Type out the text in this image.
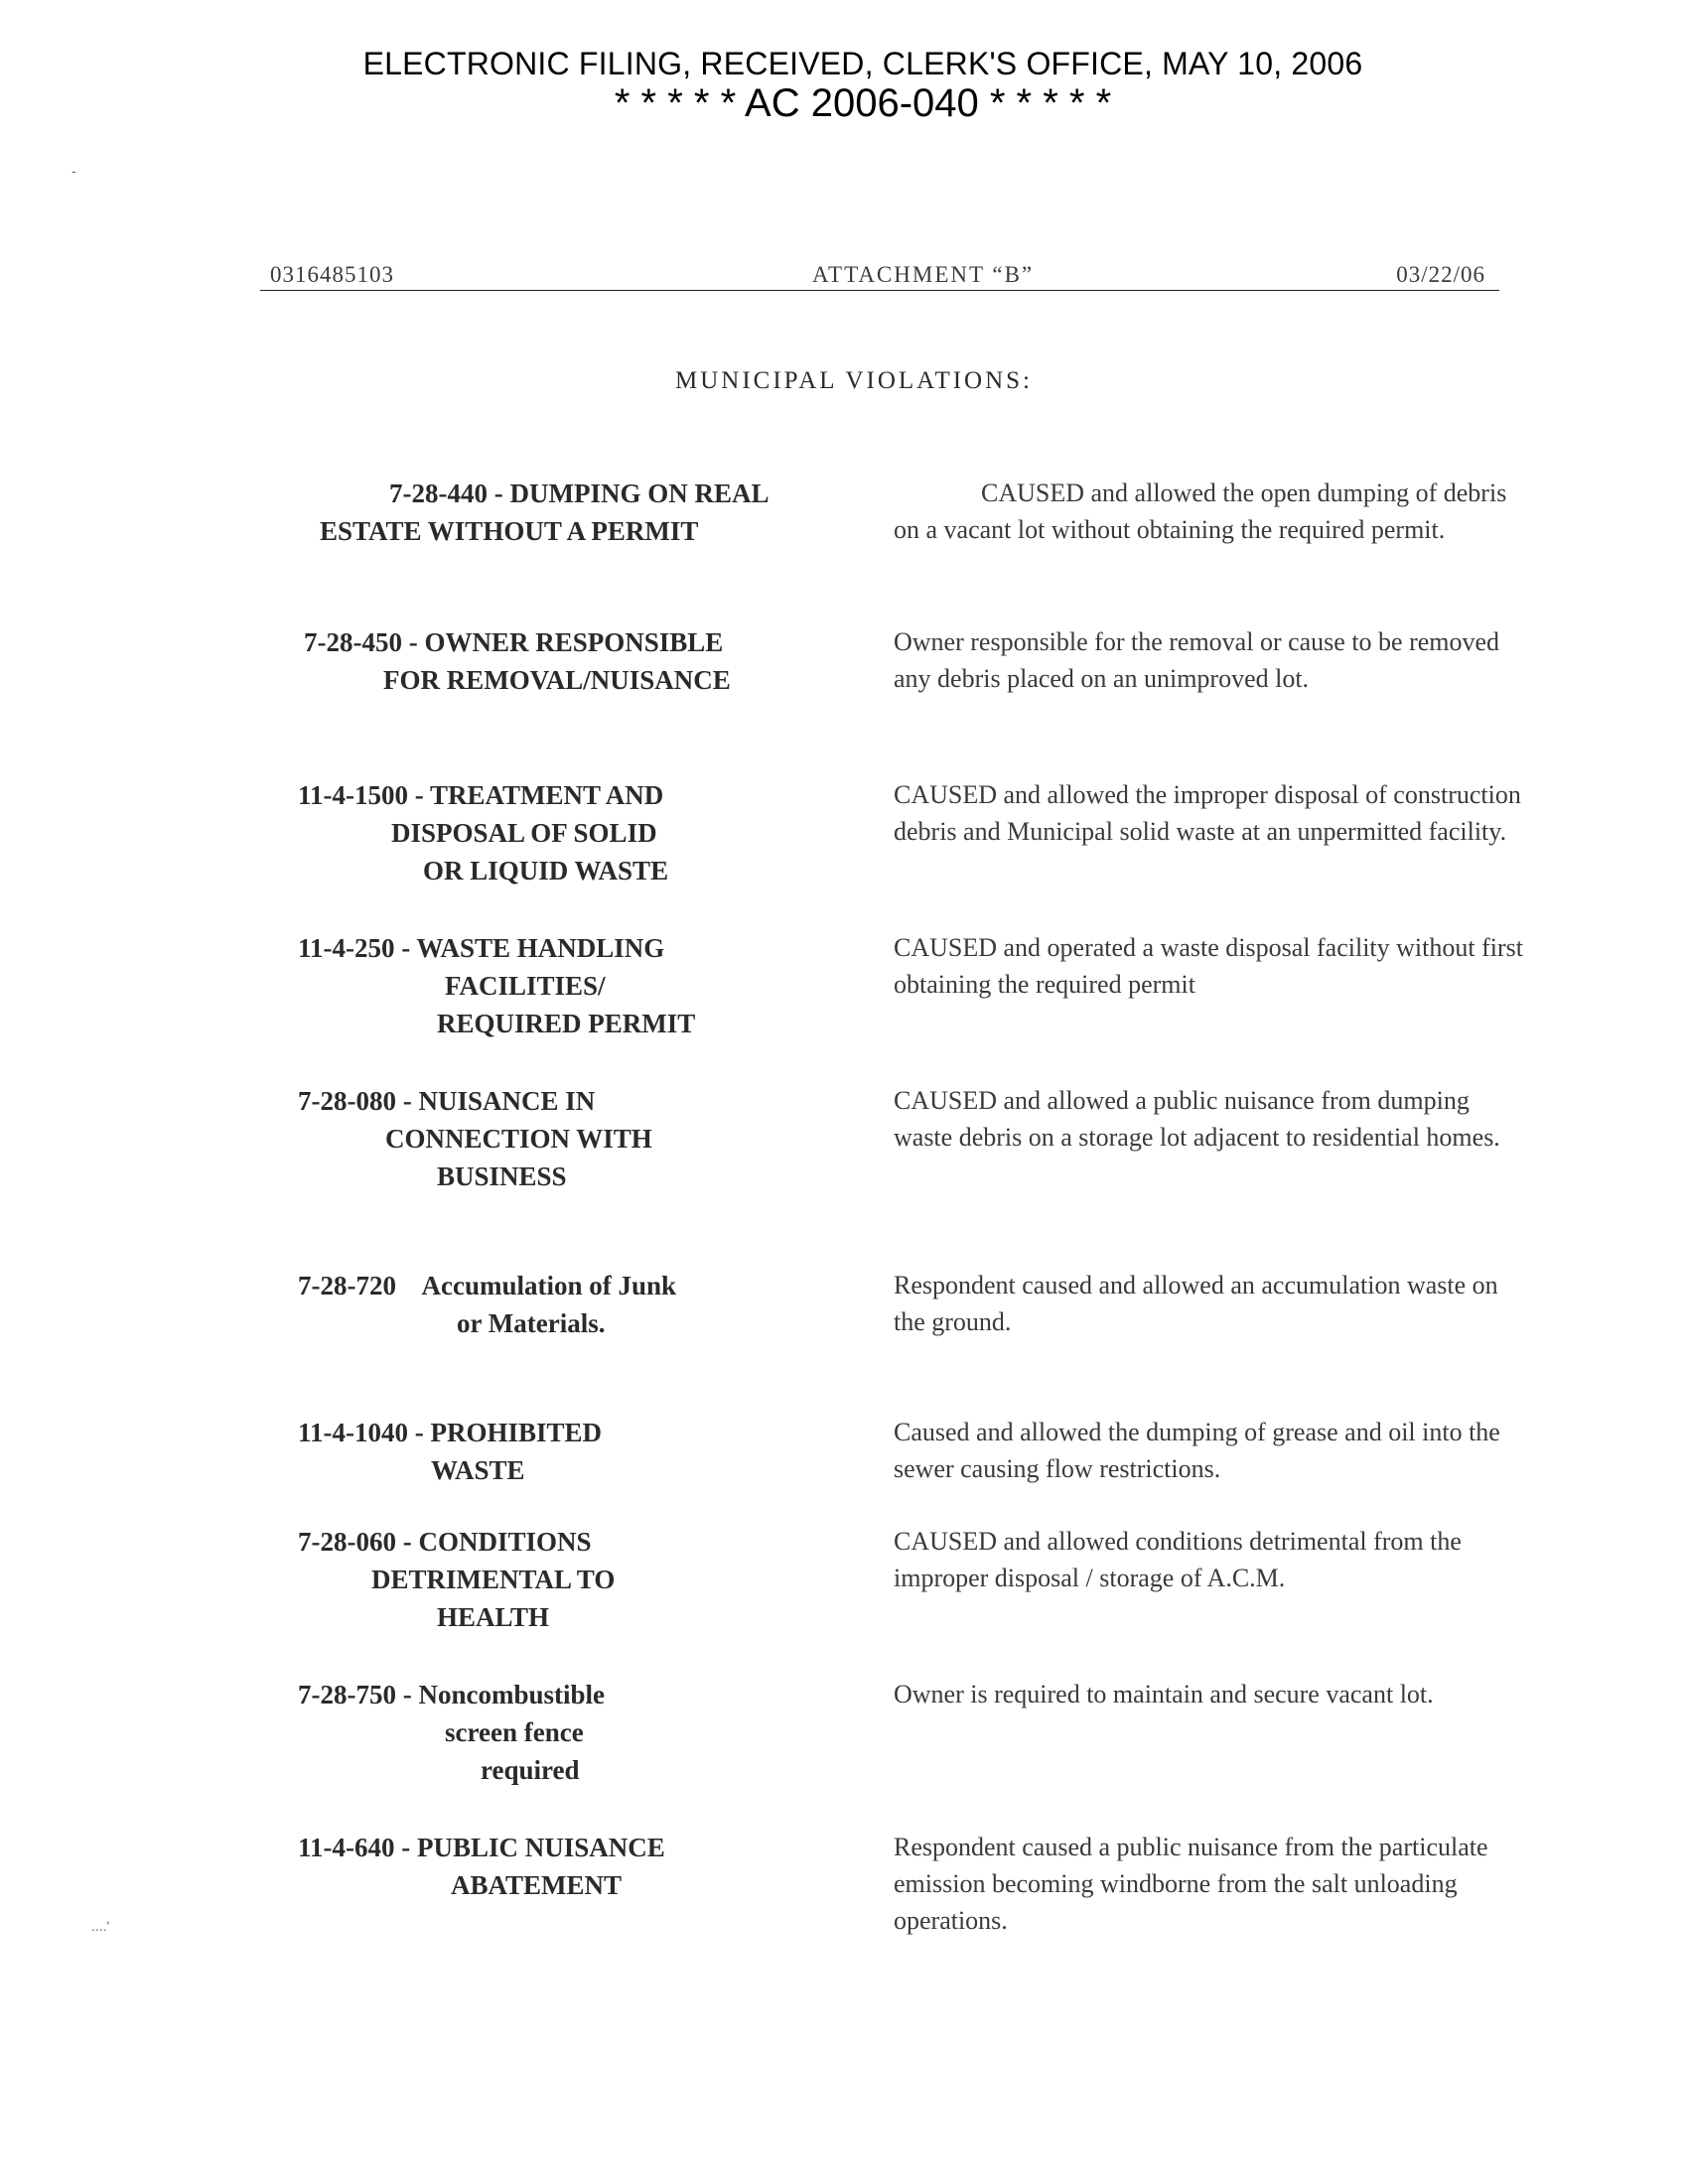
ELECTRONIC FILING, RECEIVED, CLERK'S OFFICE, MAY 10, 2006
* * * * * AC 2006-040 * * * * *
0316485103	ATTACHMENT “B”	03/22/06
MUNICIPAL VIOLATIONS:
7-28-440 - DUMPING ON REAL
ESTATE WITHOUT A PERMIT
CAUSED and allowed the open dumping of debris on a vacant lot without obtaining the required permit.
7-28-450 - OWNER RESPONSIBLE
FOR REMOVAL/NUISANCE
Owner responsible for the removal or cause to be removed any debris placed on an unimproved lot.
11-4-1500 - TREATMENT AND
DISPOSAL OF SOLID
OR LIQUID WASTE
CAUSED and allowed the improper disposal of construction debris and Municipal solid waste at an unpermitted facility.
11-4-250 - WASTE HANDLING
FACILITIES/
REQUIRED PERMIT
CAUSED and operated a waste disposal facility without first obtaining the required permit
7-28-080 - NUISANCE IN
CONNECTION WITH
BUSINESS
CAUSED and allowed a public nuisance from dumping waste debris on a storage lot adjacent to residential homes.
7-28-720    Accumulation of Junk
or Materials.
Respondent caused and allowed an accumulation waste on the ground.
11-4-1040 - PROHIBITED
WASTE
Caused and allowed the dumping of grease and oil into the sewer causing flow restrictions.
7-28-060 - CONDITIONS
DETRIMENTAL TO
HEALTH
CAUSED and allowed conditions detrimental from the improper disposal / storage of A.C.M.
7-28-750 - Noncombustible
screen fence
required
Owner is required to maintain and secure vacant lot.
11-4-640 - PUBLIC NUISANCE
ABATEMENT
Respondent caused a public nuisance from the particulate emission becoming windborne from the salt unloading operations.
-
....'
